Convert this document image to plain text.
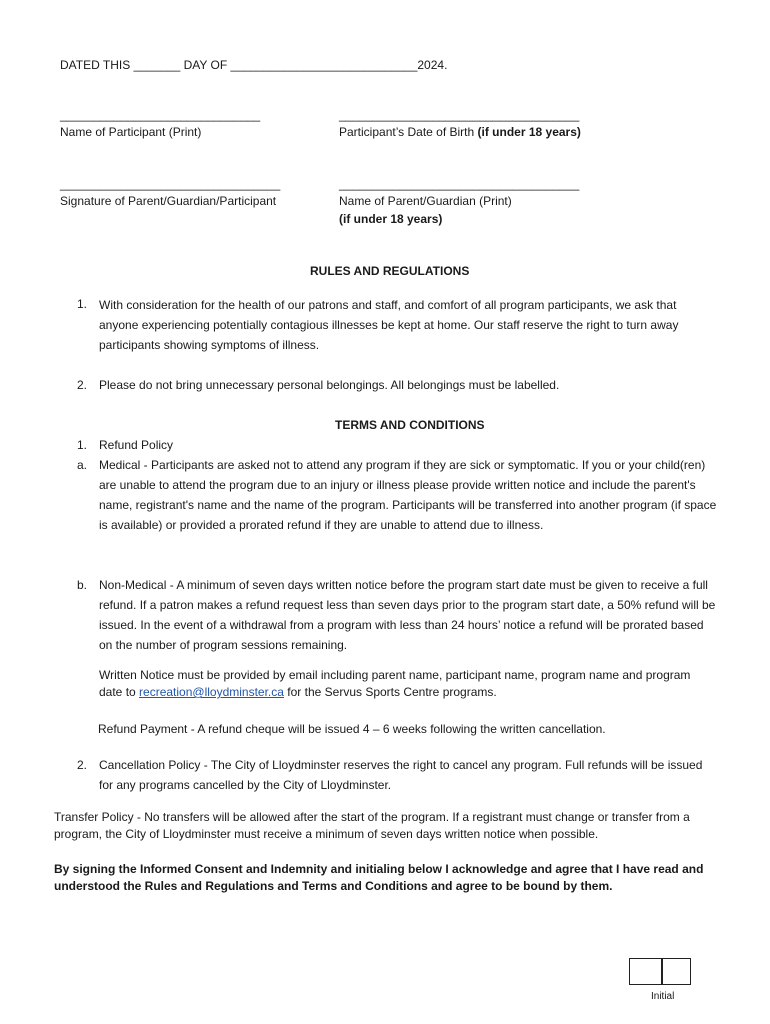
DATED THIS _______ DAY OF ____________________________2024.
______________________________
Name of Participant (Print)
____________________________________
Participant’s Date of Birth (if under 18 years)
_________________________________
Signature of Parent/Guardian/Participant
____________________________________
Name of Parent/Guardian (Print)
(if under 18 years)
RULES AND REGULATIONS
1. With consideration for the health of our patrons and staff, and comfort of all program participants, we ask that anyone experiencing potentially contagious illnesses be kept at home. Our staff reserve the right to turn away participants showing symptoms of illness.
2. Please do not bring unnecessary personal belongings. All belongings must be labelled.
TERMS AND CONDITIONS
1. Refund Policy
a. Medical - Participants are asked not to attend any program if they are sick or symptomatic. If you or your child(ren) are unable to attend the program due to an injury or illness please provide written notice and include the parent's name, registrant's name and the name of the program. Participants will be transferred into another program (if space is available) or provided a prorated refund if they are unable to attend due to illness.
b. Non-Medical - A minimum of seven days written notice before the program start date must be given to receive a full refund. If a patron makes a refund request less than seven days prior to the program start date, a 50% refund will be issued. In the event of a withdrawal from a program with less than 24 hours’ notice a refund will be prorated based on the number of program sessions remaining.
Written Notice must be provided by email including parent name, participant name, program name and program date to recreation@lloydminster.ca for the Servus Sports Centre programs.
Refund Payment - A refund cheque will be issued 4 – 6 weeks following the written cancellation.
2. Cancellation Policy - The City of Lloydminster reserves the right to cancel any program. Full refunds will be issued for any programs cancelled by the City of Lloydminster.
Transfer Policy - No transfers will be allowed after the start of the program. If a registrant must change or transfer from a program, the City of Lloydminster must receive a minimum of seven days written notice when possible.
By signing the Informed Consent and Indemnity and initialing below I acknowledge and agree that I have read and understood the Rules and Regulations and Terms and Conditions and agree to be bound by them.
Initial
